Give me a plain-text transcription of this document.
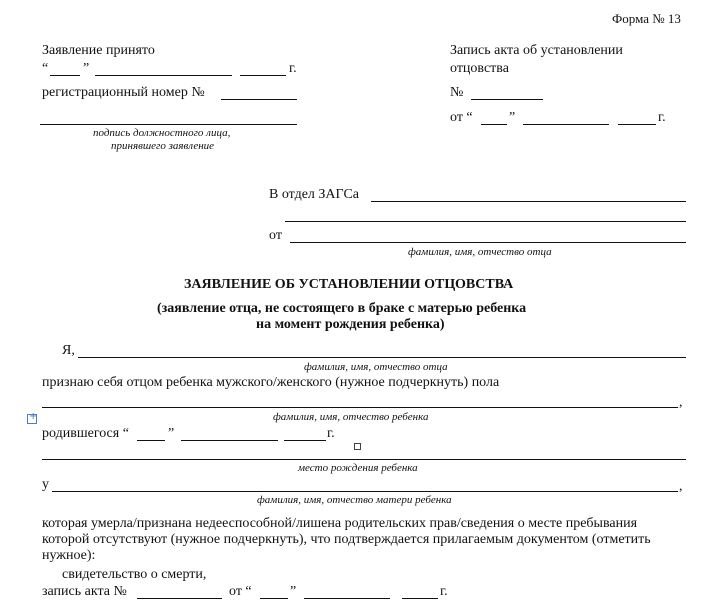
Форма № 13
Заявление принято
“ ”	г.
регистрационный номер №
подпись должностного лица,
принявшего заявление
Запись акта об установлении
отцовства
№
от “	”	г.
В отдел ЗАГСа
от
фамилия, имя, отчество отца
ЗАЯВЛЕНИЕ ОБ УСТАНОВЛЕНИИ ОТЦОВСТВА
(заявление отца, не состоящего в браке с матерью ребенка
на момент рождения ребенка)
Я,
фамилия, имя, отчество отца
признаю себя отцом ребенка мужского/женского (нужное подчеркнуть) пола
,
фамилия, имя, отчество ребенка
+
родившегося “	”	г.
место рождения ребенка
у	,
фамилия, имя, отчество матери ребенка
которая умерла/признана недееспособной/лишена родительских прав/сведения о месте пребывания
которой отсутствуют (нужное подчеркнуть), что подтверждается прилагаемым документом (отметить
нужное):
свидетельство о смерти,
запись акта №	от “	”	г.
